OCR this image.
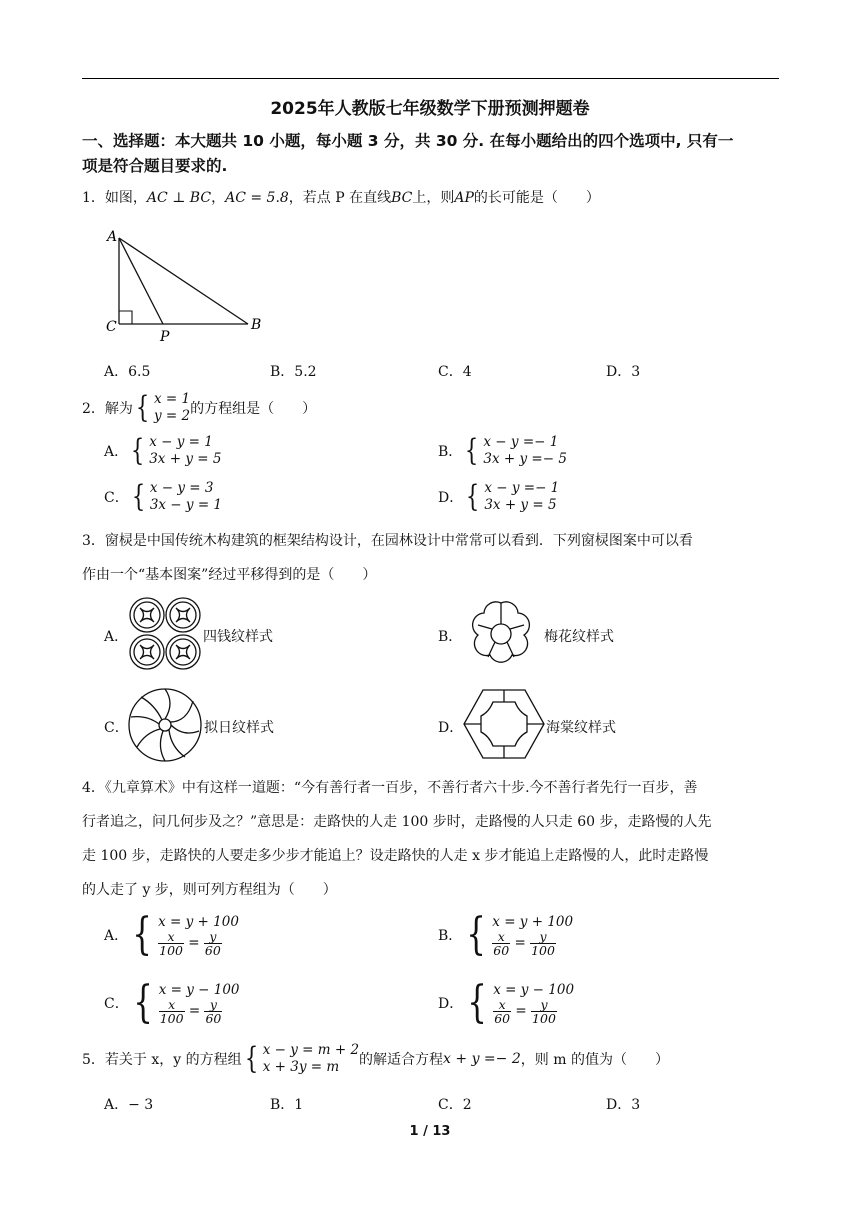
2025年人教版七年级数学下册预测押题卷
一、选择题：本大题共 10 小题，每小题 3 分，共 30 分. 在每小题给出的四个选项中, 只有一
项是符合题目要求的.
1．如图，AC ⊥ BC，AC = 5.8，若点 P 在直线BC上，则AP的长可能是（　　）
A
C
P
B
A．6.5	B．5.2	C．4	D．3
2．解为{ x = 1
y = 2 的方程组是（　　）
A．{ x − y = 1
3x + y = 5	B．{ x − y =− 1
3x + y =− 5
C．{ x − y = 3
3x − y = 1	D．{ x − y =− 1
3x + y = 5
3．窗棂是中国传统木构建筑的框架结构设计，在园林设计中常常可以看到．下列窗棂图案中可以看
作由一个“基本图案”经过平移得到的是（　　）
A．	四钱纹样式	B．	梅花纹样式
C．	拟日纹样式	D．	海棠纹样式
4．《九章算术》中有这样一道题：“今有善行者一百步，不善行者六十步.今不善行者先行一百步，善
行者追之，问几何步及之？”意思是：走路快的人走 100 步时，走路慢的人只走 60 步，走路慢的人先
走 100 步，走路快的人要走多少步才能追上？设走路快的人走 x 步才能追上走路慢的人，此时走路慢
的人走了 y 步，则可列方程组为（　　）
A．{ x = y + 100
$\frac{x}{100} = \frac{y}{60}$	B．{ x = y + 100
$\frac{x}{60} = \frac{y}{100}$
C．{ x = y − 100
$\frac{x}{100} = \frac{y}{60}$	D．{ x = y − 100
$\frac{x}{60} = \frac{y}{100}$
5．若关于 x，y 的方程组{ x − y = m + 2
x + 3y = m	的解适合方程x + y =− 2，则 m 的值为（　　）
A．− 3	B．1	C．2	D．3
1 / 13
